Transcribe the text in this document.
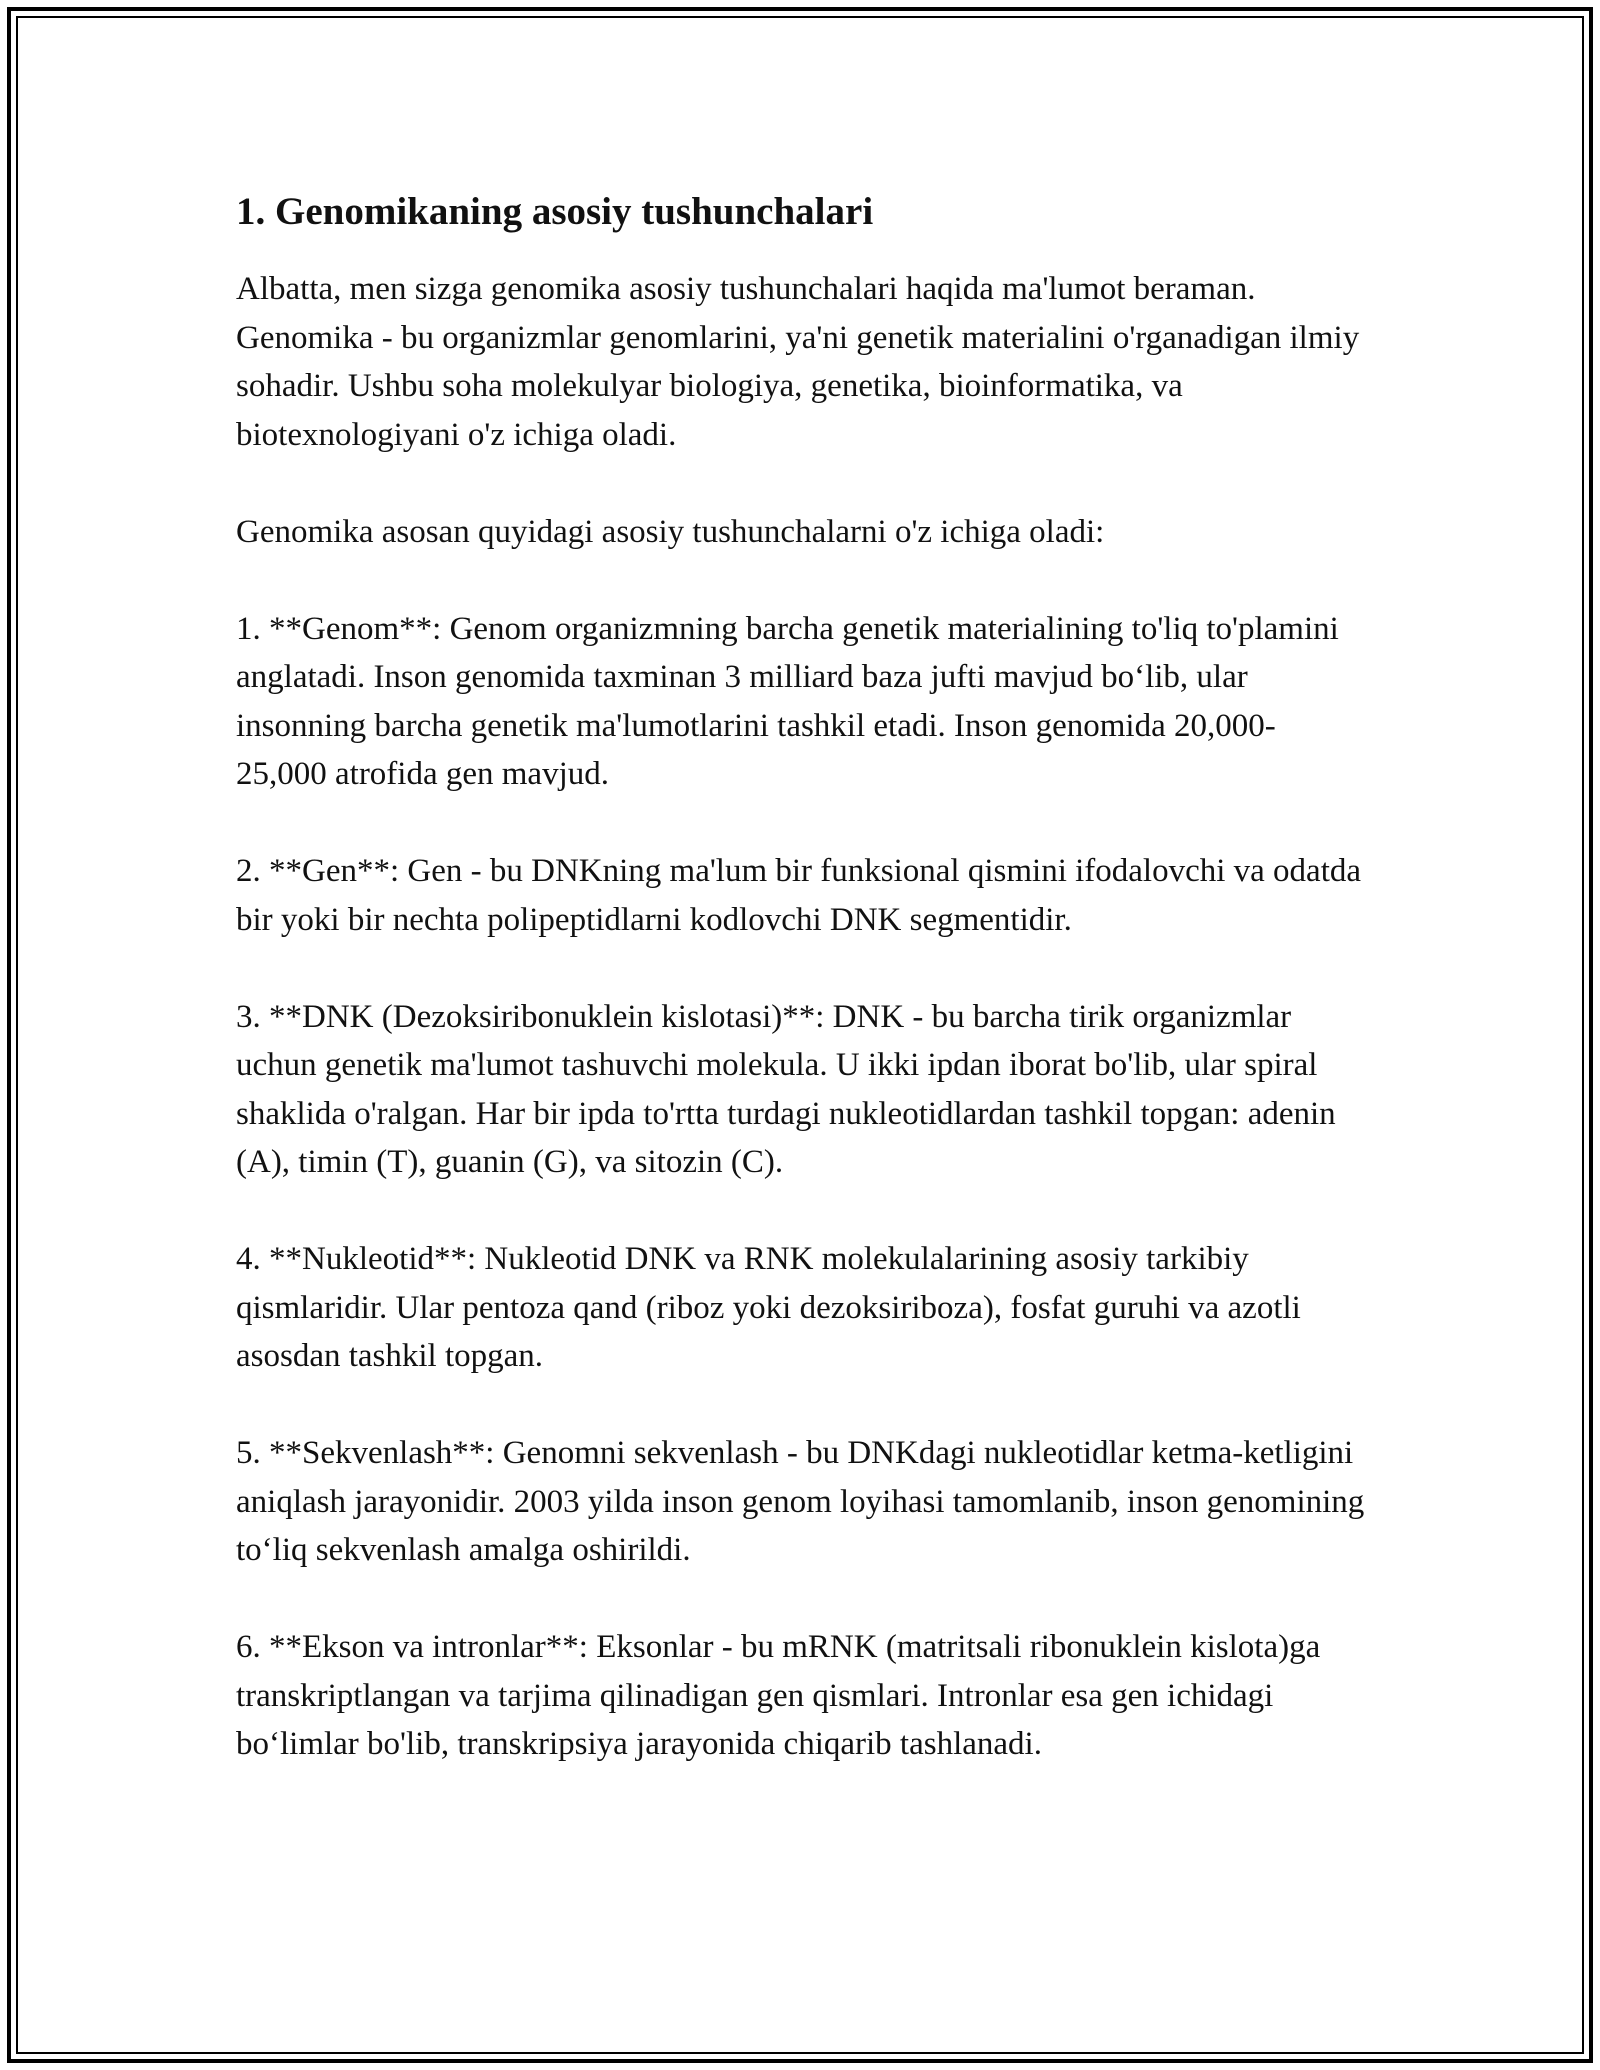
1. Genomikaning asosiy tushunchalari

Albatta, men sizga genomika asosiy tushunchalari haqida ma'lumot beraman. Genomika - bu organizmlar genomlarini, ya'ni genetik materialini o'rganadigan ilmiy sohadir. Ushbu soha molekulyar biologiya, genetika, bioinformatika, va biotexnologiyani o'z ichiga oladi.

Genomika asosan quyidagi asosiy tushunchalarni o'z ichiga oladi:

1. **Genom**: Genom organizmning barcha genetik materialining to'liq to'plamini anglatadi. Inson genomida taxminan 3 milliard baza jufti mavjud bo‘lib, ular insonning barcha genetik ma'lumotlarini tashkil etadi. Inson genomida 20,000-25,000 atrofida gen mavjud.

2. **Gen**: Gen - bu DNKning ma'lum bir funksional qismini ifodalovchi va odatda bir yoki bir nechta polipeptidlarni kodlovchi DNK segmentidir.

3. **DNK (Dezoksiribonuklein kislotasi)**: DNK - bu barcha tirik organizmlar uchun genetik ma'lumot tashuvchi molekula. U ikki ipdan iborat bo'lib, ular spiral shaklida o'ralgan. Har bir ipda to'rtta turdagi nukleotidlardan tashkil topgan: adenin (A), timin (T), guanin (G), va sitozin (C).

4. **Nukleotid**: Nukleotid DNK va RNK molekulalarining asosiy tarkibiy qismlaridir. Ular pentoza qand (riboz yoki dezoksiriboza), fosfat guruhi va azotli asosdan tashkil topgan.

5. **Sekvenlash**: Genomni sekvenlash - bu DNKdagi nukleotidlar ketma-ketligini aniqlash jarayonidir. 2003 yilda inson genom loyihasi tamomlanib, inson genomining to‘liq sekvenlash amalga oshirildi.

6. **Ekson va intronlar**: Eksonlar - bu mRNK (matritsali ribonuklein kislota)ga transkriptlangan va tarjima qilinadigan gen qismlari. Intronlar esa gen ichidagi bo‘limlar bo'lib, transkripsiya jarayonida chiqarib tashlanadi.
